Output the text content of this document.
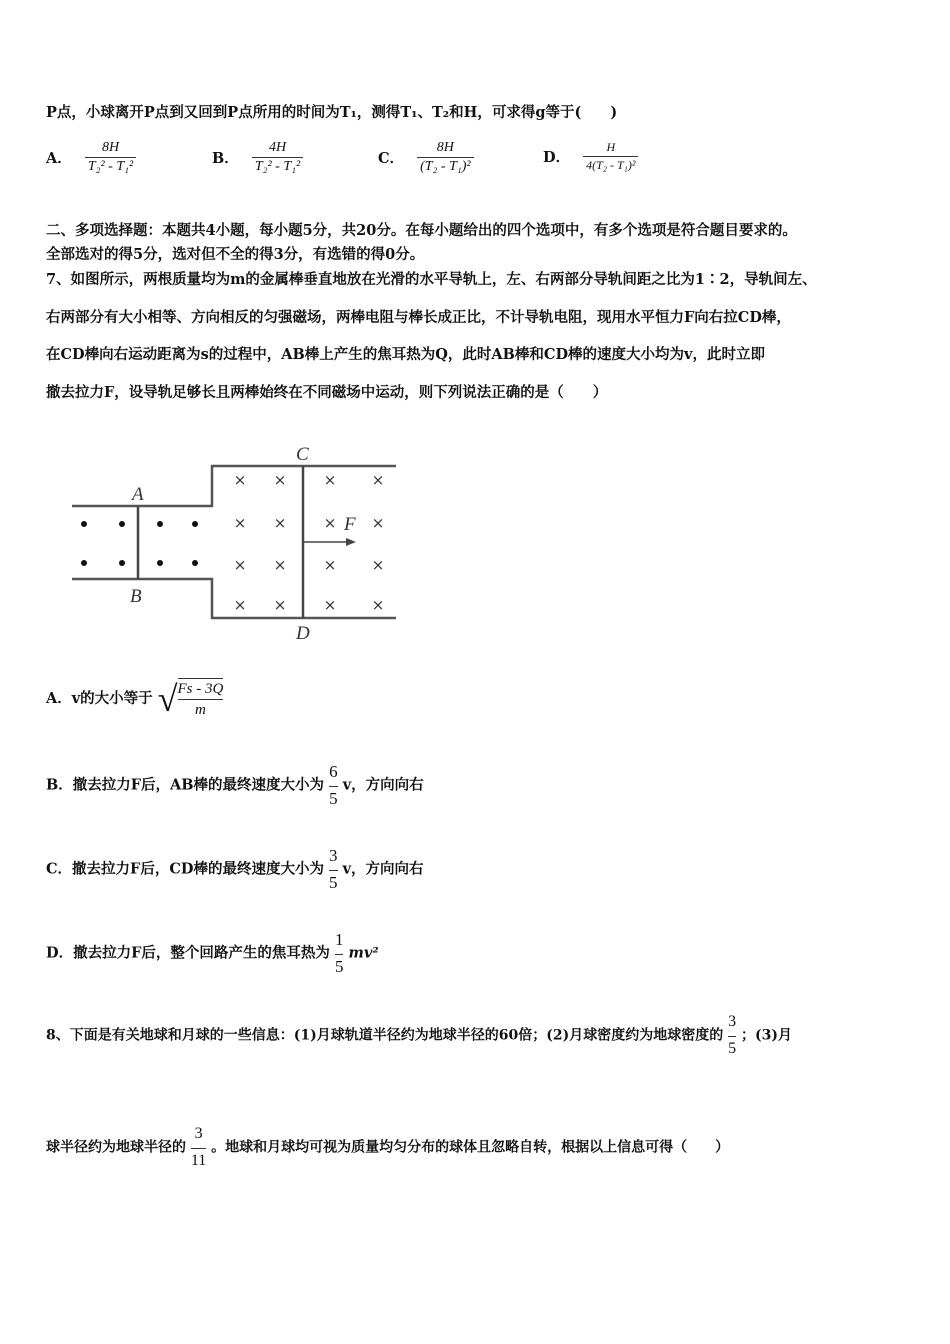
P点，小球离开P点到又回到P点所用的时间为T₁，测得T₁、T₂和H，可求得g等于(　　)
A． $\frac{8H}{\text{T₂² - T₁²}}$	B． $\frac{4H}{\text{T₂² - T₁²}}$	C． $\frac{8H}{\text{(T₂ - T₁)²}}$	D． $\frac{H}{\text{4(T₂ - T₁)²}}$
二、多项选择题：本题共4小题，每小题5分，共20分。在每小题给出的四个选项中，有多个选项是符合题目要求的。
全部选对的得5分，选对但不全的得3分，有选错的得0分。
7、如图所示，两根质量均为m的金属棒垂直地放在光滑的水平导轨上，左、右两部分导轨间距之比为1∶2，导轨间左、
右两部分有大小相等、方向相反的匀强磁场，两棒电阻与棒长成正比，不计导轨电阻，现用水平恒力F向右拉CD棒，
在CD棒向右运动距离为s的过程中，AB棒上产生的焦耳热为Q，此时AB棒和CD棒的速度大小均为v，此时立即
撤去拉力F，设导轨足够长且两棒始终在不同磁场中运动，则下列说法正确的是（　　）
× × × ×
× × × ×
× × × ×
× × × ×
A
B
C
D
F
A．v的大小等于 √ $\frac{Fs - 3Q}{m}$
B．撤去拉力F后，AB棒的最终速度大小为 $\frac{6}{5}$ v，方向向右
C．撤去拉力F后，CD棒的最终速度大小为 $\frac{3}{5}$ v，方向向右
D．撤去拉力F后，整个回路产生的焦耳热为 $\frac{1}{5} mv^2$
8、下面是有关地球和月球的一些信息：(1)月球轨道半径约为地球半径的60倍；(2)月球密度约为地球密度的 $\frac{3}{5}$ ；(3)月
球半径约为地球半径的 $\frac{3}{11}$ 。地球和月球均可视为质量均匀分布的球体且忽略自转，根据以上信息可得（　　）
